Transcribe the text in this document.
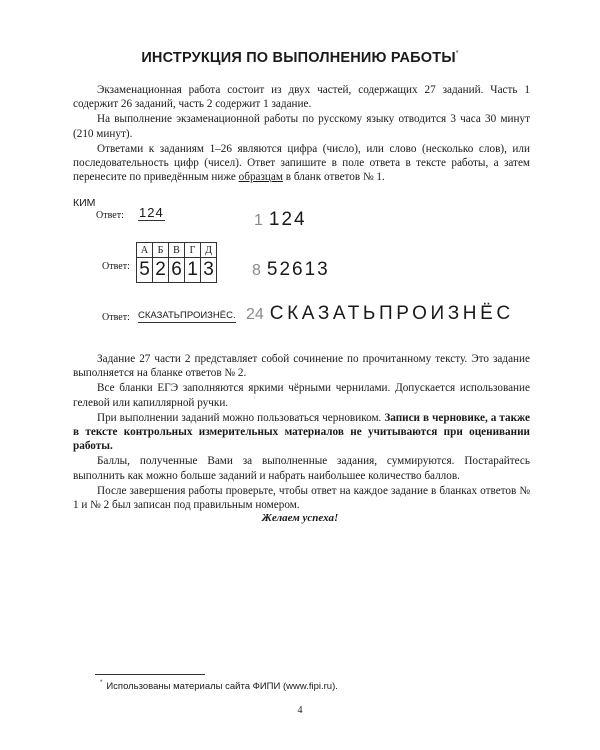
ИНСТРУКЦИЯ ПО ВЫПОЛНЕНИЮ РАБОТЫ*

Экзаменационная работа состоит из двух частей, содержащих 27 заданий. Часть 1 содержит 26 заданий, часть 2 содержит 1 задание.

На выполнение экзаменационной работы по русскому языку отводится 3 часа 30 минут (210 минут).

Ответами к заданиям 1–26 являются цифра (число), или слово (несколько слов), или последовательность цифр (чисел). Ответ запишите в поле ответа в тексте работы, а затем перенесите по приведённым ниже образцам в бланк ответов № 1.

КИМ
Ответ: 124	1 124
Ответ:
А	Б	В	Г	Д
5	2	6	1	3 8 52613
Ответ: СКАЗАТЬПРОИЗНЁС. 24 СКАЗАТЬПРОИЗНЁС

Задание 27 части 2 представляет собой сочинение по прочитанному тексту. Это задание выполняется на бланке ответов № 2.

Все бланки ЕГЭ заполняются яркими чёрными чернилами. Допускается использование гелевой или капиллярной ручки.

При выполнении заданий можно пользоваться черновиком. Записи в черновике, а также в тексте контрольных измерительных материалов не учитываются при оценивании работы.

Баллы, полученные Вами за выполненные задания, суммируются. Постарайтесь выполнить как можно больше заданий и набрать наибольшее количество баллов.

После завершения работы проверьте, чтобы ответ на каждое задание в бланках ответов № 1 и № 2 был записан под правильным номером.

Желаем успеха!
* Использованы материалы сайта ФИПИ (www.fipi.ru).
4
